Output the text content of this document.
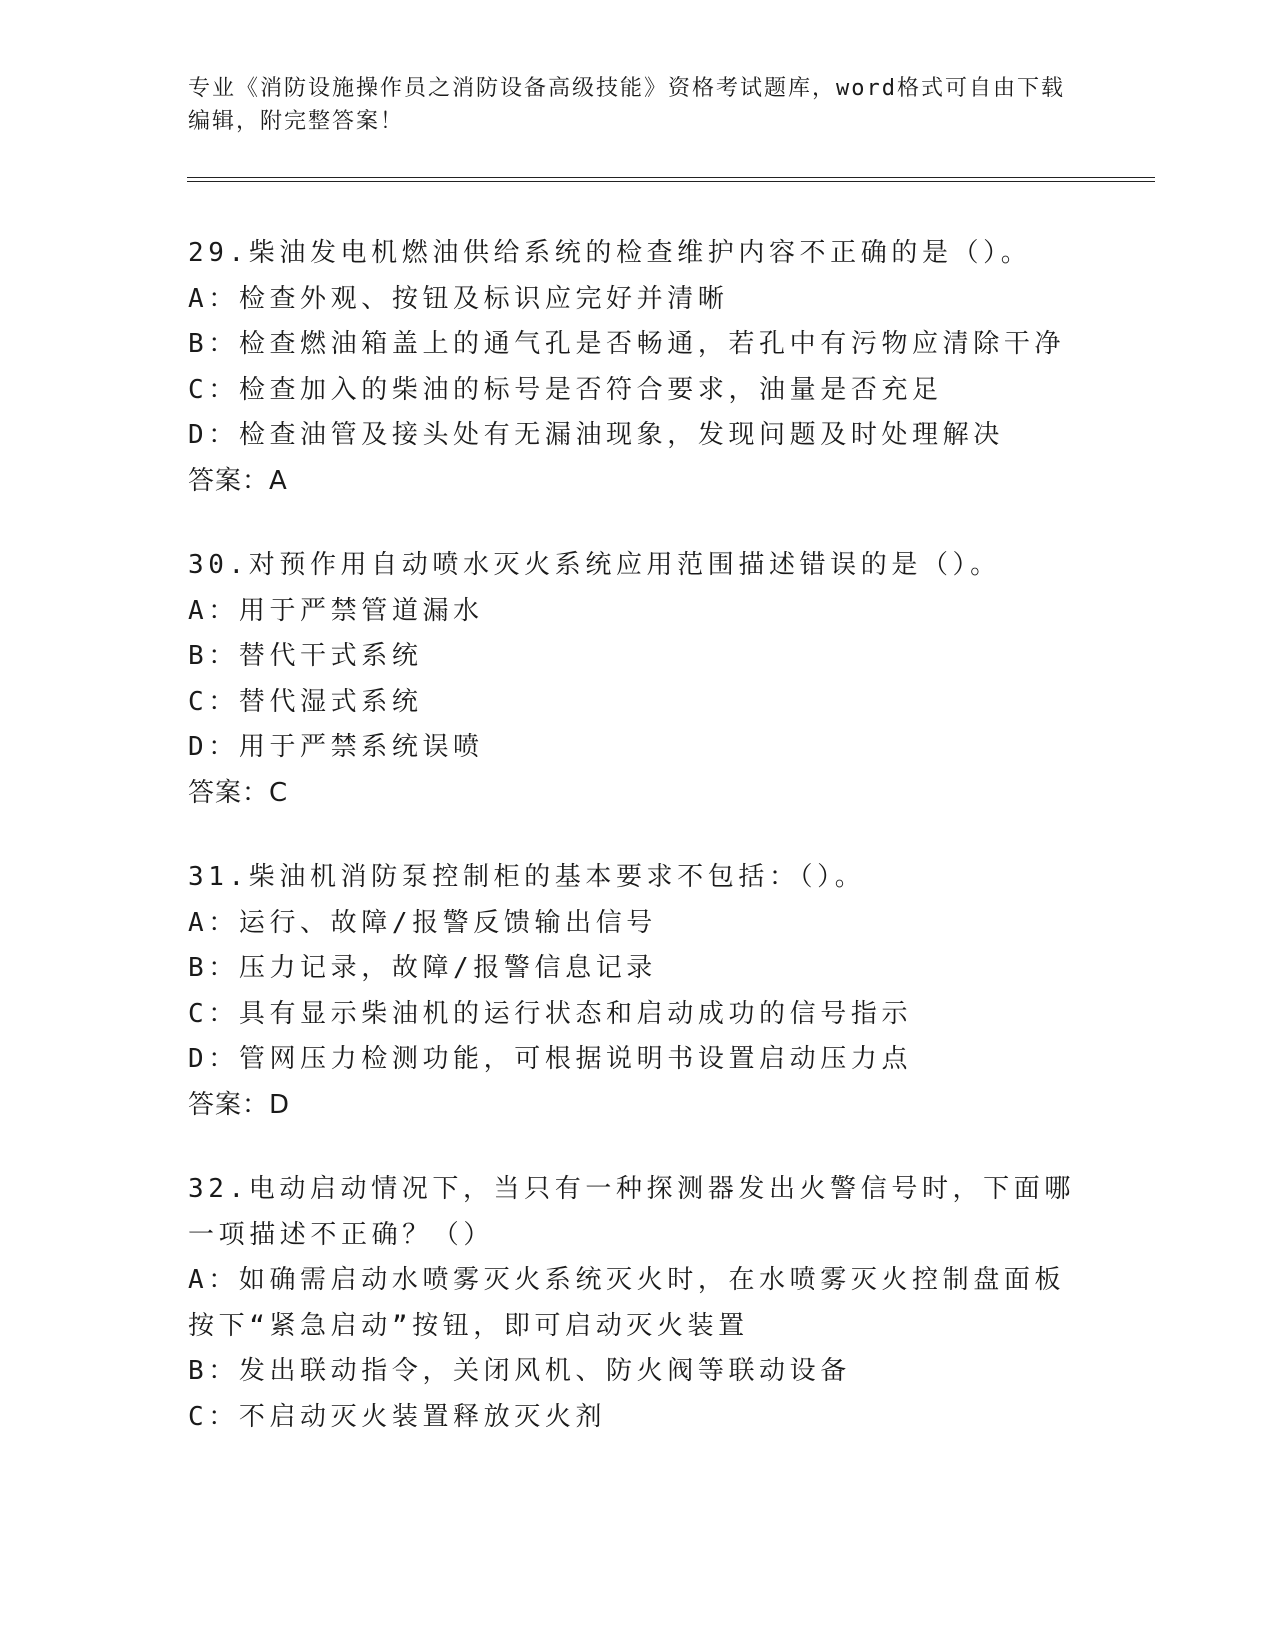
专业《消防设施操作员之消防设备高级技能》资格考试题库，word格式可自由下载编辑，附完整答案！
29.柴油发电机燃油供给系统的检查维护内容不正确的是（）。
A：检查外观、按钮及标识应完好并清晰
B：检查燃油箱盖上的通气孔是否畅通，若孔中有污物应清除干净
C：检查加入的柴油的标号是否符合要求，油量是否充足
D：检查油管及接头处有无漏油现象，发现问题及时处理解决
答案：A
30.对预作用自动喷水灭火系统应用范围描述错误的是（）。
A：用于严禁管道漏水
B：替代干式系统
C：替代湿式系统
D：用于严禁系统误喷
答案：C
31.柴油机消防泵控制柜的基本要求不包括：（）。
A：运行、故障/报警反馈输出信号
B：压力记录，故障/报警信息记录
C：具有显示柴油机的运行状态和启动成功的信号指示
D：管网压力检测功能，可根据说明书设置启动压力点
答案：D
32.电动启动情况下，当只有一种探测器发出火警信号时，下面哪一项描述不正确？（）
A：如确需启动水喷雾灭火系统灭火时，在水喷雾灭火控制盘面板按下“紧急启动”按钮，即可启动灭火装置
B：发出联动指令，关闭风机、防火阀等联动设备
C：不启动灭火装置释放灭火剂
